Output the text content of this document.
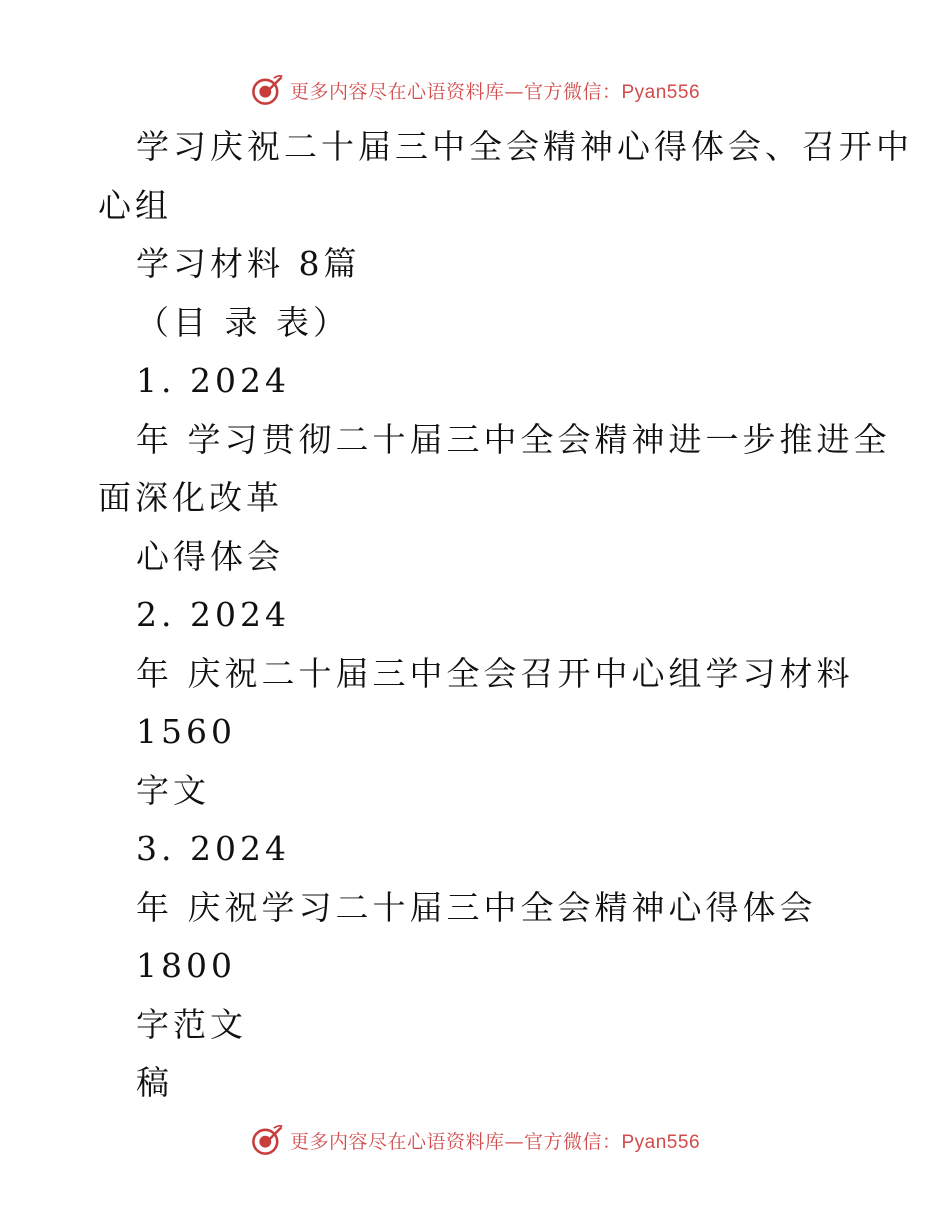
更多内容尽在心语资料库—官方微信：Pyan556
学习庆祝二十届三中全会精神心得体会、召开中
心组
学习材料 8篇
（目 录 表）
1. 2024
年 学习贯彻二十届三中全会精神进一步推进全
面深化改革
心得体会
2. 2024
年 庆祝二十届三中全会召开中心组学习材料
1560
字文
3. 2024
年 庆祝学习二十届三中全会精神心得体会
1800
字范文
稿
更多内容尽在心语资料库—官方微信：Pyan556
